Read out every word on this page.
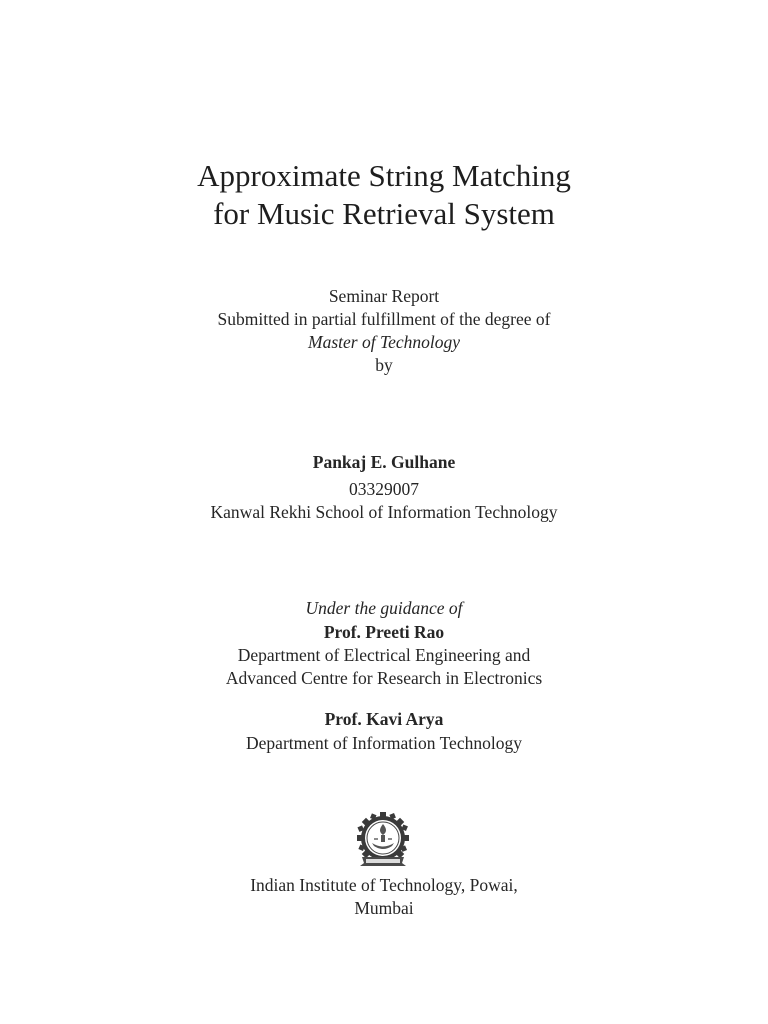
Approximate String Matching
for Music Retrieval System
Seminar Report
Submitted in partial fulfillment of the degree of
Master of Technology
by
Pankaj E. Gulhane
03329007
Kanwal Rekhi School of Information Technology
Under the guidance of
Prof. Preeti Rao
Department of Electrical Engineering and
Advanced Centre for Research in Electronics
Prof. Kavi Arya
Department of Information Technology
Indian Institute of Technology, Powai,
Mumbai
